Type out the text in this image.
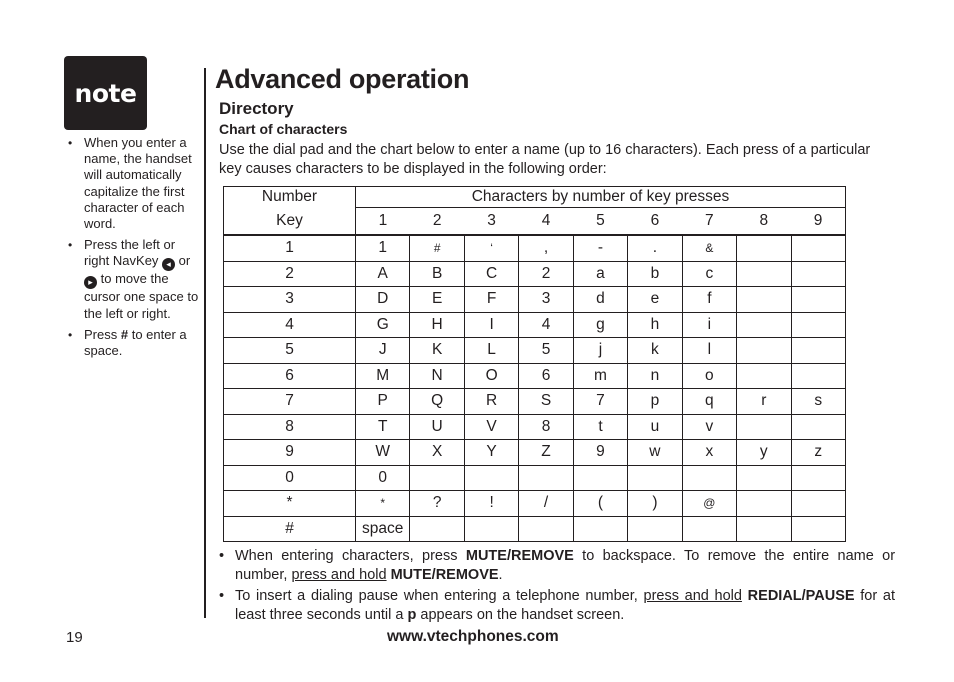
note
• When you enter a name, the handset will automatically capitalize the first character of each word.
• Press the left or right NavKey ◂ or ▸ to move the cursor one space to the left or right.
• Press # to enter a space.
Advanced operation
Directory
Chart of characters
Use the dial pad and the chart below to enter a name (up to 16 characters). Each press of a particular key causes characters to be displayed in the following order:
Number	Characters by number of key presses								
Key	1	2	3	4	5	6	7	8	9
1	1	#	‘	,	-	.	&		
2	A	B	C	2	a	b	c		
3	D	E	F	3	d	e	f		
4	G	H	I	4	g	h	i		
5	J	K	L	5	j	k	l		
6	M	N	O	6	m	n	o		
7	P	Q	R	S	7	p	q	r	s
8	T	U	V	8	t	u	v		
9	W	X	Y	Z	9	w	x	y	z
0	0								
*	*	?	!	/	(	)	@		
#	space								
• When entering characters, press MUTE/REMOVE to backspace. To remove the entire name or number, press and hold MUTE/REMOVE.
• To insert a dialing pause when entering a telephone number, press and hold REDIAL/PAUSE for at least three seconds until a p appears on the handset screen.
19	www.vtechphones.com
